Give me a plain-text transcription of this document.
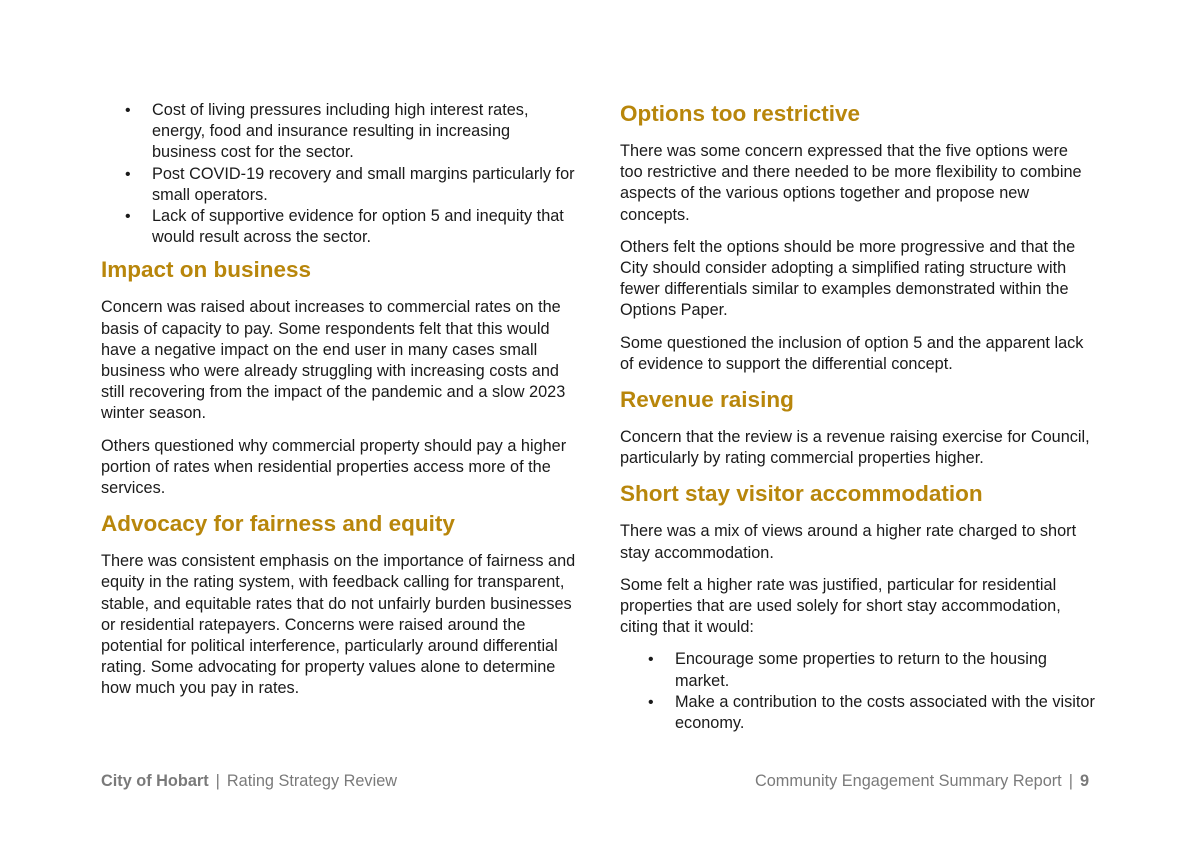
• Cost of living pressures including high interest rates, energy, food and insurance resulting in increasing business cost for the sector.
• Post COVID-19 recovery and small margins particularly for small operators.
• Lack of supportive evidence for option 5 and inequity that would result across the sector.
Impact on business

Concern was raised about increases to commercial rates on the basis of capacity to pay. Some respondents felt that this would have a negative impact on the end user in many cases small business who were already struggling with increasing costs and still recovering from the impact of the pandemic and a slow 2023 winter season.

Others questioned why commercial property should pay a higher portion of rates when residential properties access more of the services.

Advocacy for fairness and equity

There was consistent emphasis on the importance of fairness and equity in the rating system, with feedback calling for transparent, stable, and equitable rates that do not unfairly burden businesses or residential ratepayers. Concerns were raised around the potential for political interference, particularly around differential rating. Some advocating for property values alone to determine how much you pay in rates.

Options too restrictive

There was some concern expressed that the five options were too restrictive and there needed to be more flexibility to combine aspects of the various options together and propose new concepts.

Others felt the options should be more progressive and that the City should consider adopting a simplified rating structure with fewer differentials similar to examples demonstrated within the Options Paper.

Some questioned the inclusion of option 5 and the apparent lack of evidence to support the differential concept.

Revenue raising

Concern that the review is a revenue raising exercise for Council, particularly by rating commercial properties higher.

Short stay visitor accommodation

There was a mix of views around a higher rate charged to short stay accommodation.

Some felt a higher rate was justified, particular for residential properties that are used solely for short stay accommodation, citing that it would:

• Encourage some properties to return to the housing market.
• Make a contribution to the costs associated with the visitor economy.
City of Hobart | Rating Strategy Review	Community Engagement Summary Report | 9
